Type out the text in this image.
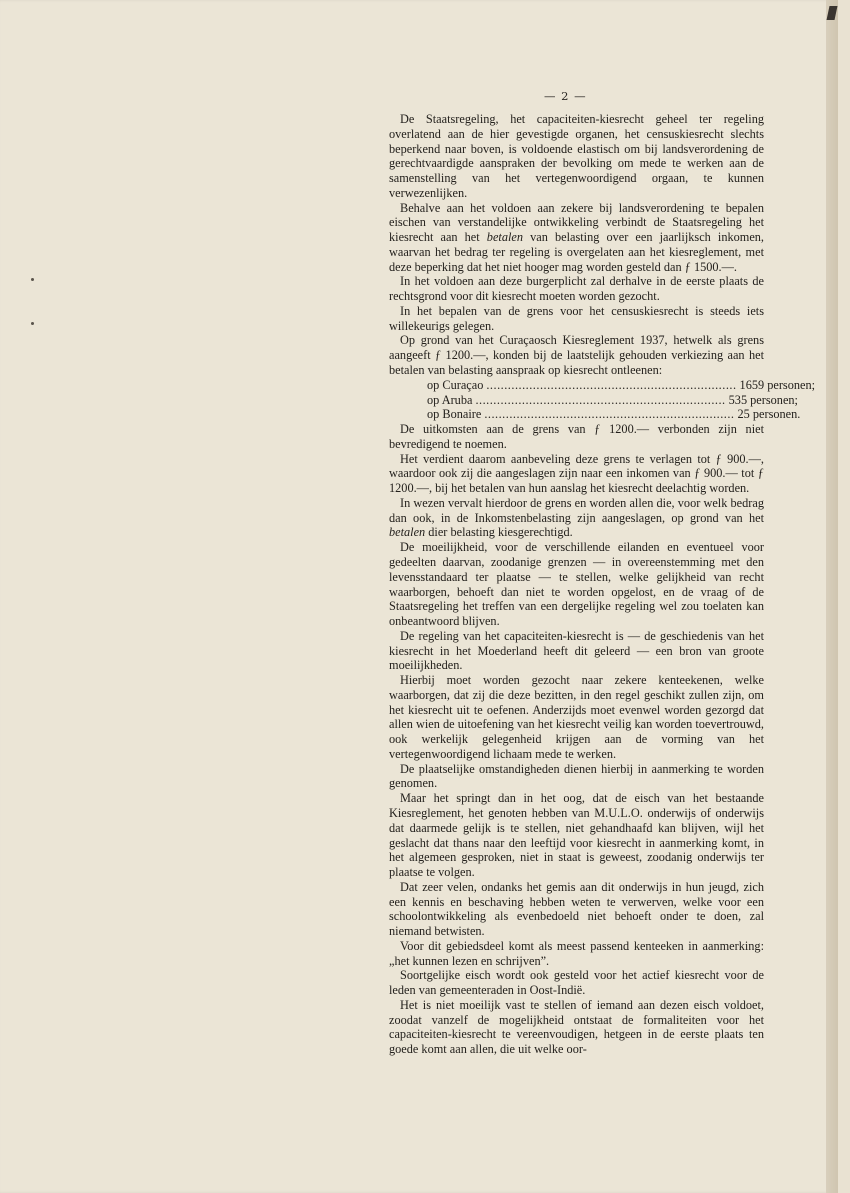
— 2 —
De Staatsregeling, het capaciteiten-kiesrecht geheel ter regeling overlatend aan de hier gevestigde organen, het censuskiesrecht slechts beperkend naar boven, is voldoende elastisch om bij landsverordening de gerechtvaardigde aanspraken der bevolking om mede te werken aan de samenstelling van het vertegenwoordigend orgaan, te kunnen verwezenlijken.
Behalve aan het voldoen aan zekere bij landsverordening te bepalen eischen van verstandelijke ontwikkeling verbindt de Staatsregeling het kiesrecht aan het betalen van belasting over een jaarlijksch inkomen, waarvan het bedrag ter regeling is overgelaten aan het kiesreglement, met deze beperking dat het niet hooger mag worden gesteld dan ƒ 1500.—.
In het voldoen aan deze burgerplicht zal derhalve in de eerste plaats de rechtsgrond voor dit kiesrecht moeten worden gezocht.
In het bepalen van de grens voor het censuskiesrecht is steeds iets willekeurigs gelegen.
Op grond van het Curaçaosch Kiesreglement 1937, hetwelk als grens aangeeft ƒ 1200.—, konden bij de laatstelijk gehouden verkiezing aan het betalen van belasting aanspraak op kiesrecht ontleenen:
op Curaçao ...................................................................... 1659 personen;
op Aruba ...................................................................... 535 personen;
op Bonaire ...................................................................... 25 personen.
De uitkomsten aan de grens van ƒ 1200.— verbonden zijn niet bevredigend te noemen.
Het verdient daarom aanbeveling deze grens te verlagen tot ƒ 900.—, waardoor ook zij die aangeslagen zijn naar een inkomen van ƒ 900.— tot ƒ 1200.—, bij het betalen van hun aanslag het kiesrecht deelachtig worden.
In wezen vervalt hierdoor de grens en worden allen die, voor welk bedrag dan ook, in de Inkomstenbelasting zijn aangeslagen, op grond van het betalen dier belasting kiesgerechtigd.
De moeilijkheid, voor de verschillende eilanden en eventueel voor gedeelten daarvan, zoodanige grenzen — in overeenstemming met den levensstandaard ter plaatse — te stellen, welke gelijkheid van recht waarborgen, behoeft dan niet te worden opgelost, en de vraag of de Staatsregeling het treffen van een dergelijke regeling wel zou toelaten kan onbeantwoord blijven.
De regeling van het capaciteiten-kiesrecht is — de geschiedenis van het kiesrecht in het Moederland heeft dit geleerd — een bron van groote moeilijkheden.
Hierbij moet worden gezocht naar zekere kenteekenen, welke waarborgen, dat zij die deze bezitten, in den regel geschikt zullen zijn, om het kiesrecht uit te oefenen. Anderzijds moet evenwel worden gezorgd dat allen wien de uitoefening van het kiesrecht veilig kan worden toevertrouwd, ook werkelijk gelegenheid krijgen aan de vorming van het vertegenwoordigend lichaam mede te werken.
De plaatselijke omstandigheden dienen hierbij in aanmerking te worden genomen.
Maar het springt dan in het oog, dat de eisch van het bestaande Kiesreglement, het genoten hebben van M.U.L.O. onderwijs of onderwijs dat daarmede gelijk is te stellen, niet gehandhaafd kan blijven, wijl het geslacht dat thans naar den leeftijd voor kiesrecht in aanmerking komt, in het algemeen gesproken, niet in staat is geweest, zoodanig onderwijs ter plaatse te volgen.
Dat zeer velen, ondanks het gemis aan dit onderwijs in hun jeugd, zich een kennis en beschaving hebben weten te verwerven, welke voor een schoolontwikkeling als evenbedoeld niet behoeft onder te doen, zal niemand betwisten.
Voor dit gebiedsdeel komt als meest passend kenteeken in aanmerking: „het kunnen lezen en schrijven”.
Soortgelijke eisch wordt ook gesteld voor het actief kiesrecht voor de leden van gemeenteraden in Oost-Indië.
Het is niet moeilijk vast te stellen of iemand aan dezen eisch voldoet, zoodat vanzelf de mogelijkheid ontstaat de formaliteiten voor het capaciteiten-kiesrecht te vereenvoudigen, hetgeen in de eerste plaats ten goede komt aan allen, die uit welke oor-
